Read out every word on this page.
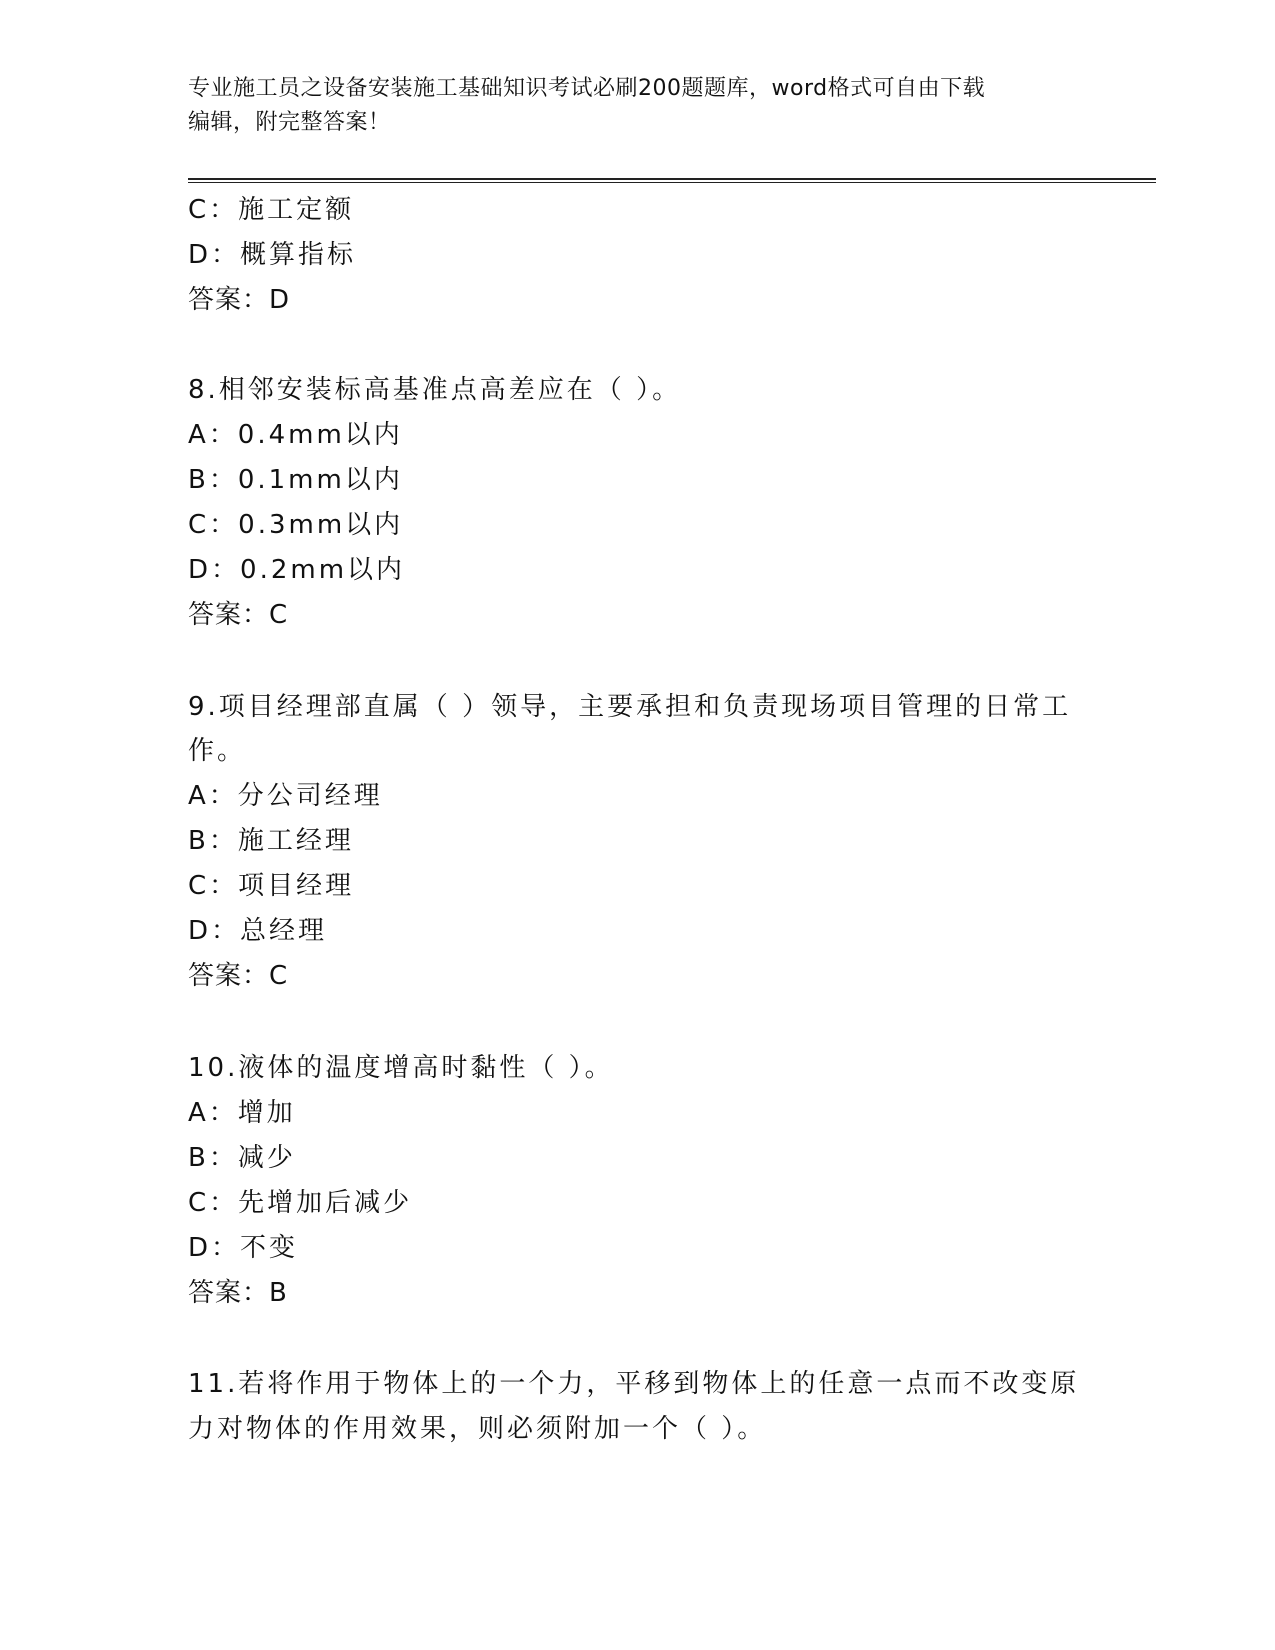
专业施工员之设备安装施工基础知识考试必刷200题题库，word格式可自由下载
编辑，附完整答案！
C：施工定额
D：概算指标
答案：D
8.相邻安装标高基准点高差应在（ ）。
A：0.4mm以内
B：0.1mm以内
C：0.3mm以内
D：0.2mm以内
答案：C
9.项目经理部直属（ ）领导，主要承担和负责现场项目管理的日常工
作。
A：分公司经理
B：施工经理
C：项目经理
D：总经理
答案：C
10.液体的温度增高时黏性（ ）。
A：增加
B：减少
C：先增加后减少
D：不变
答案：B
11.若将作用于物体上的一个力，平移到物体上的任意一点而不改变原
力对物体的作用效果，则必须附加一个（ ）。
